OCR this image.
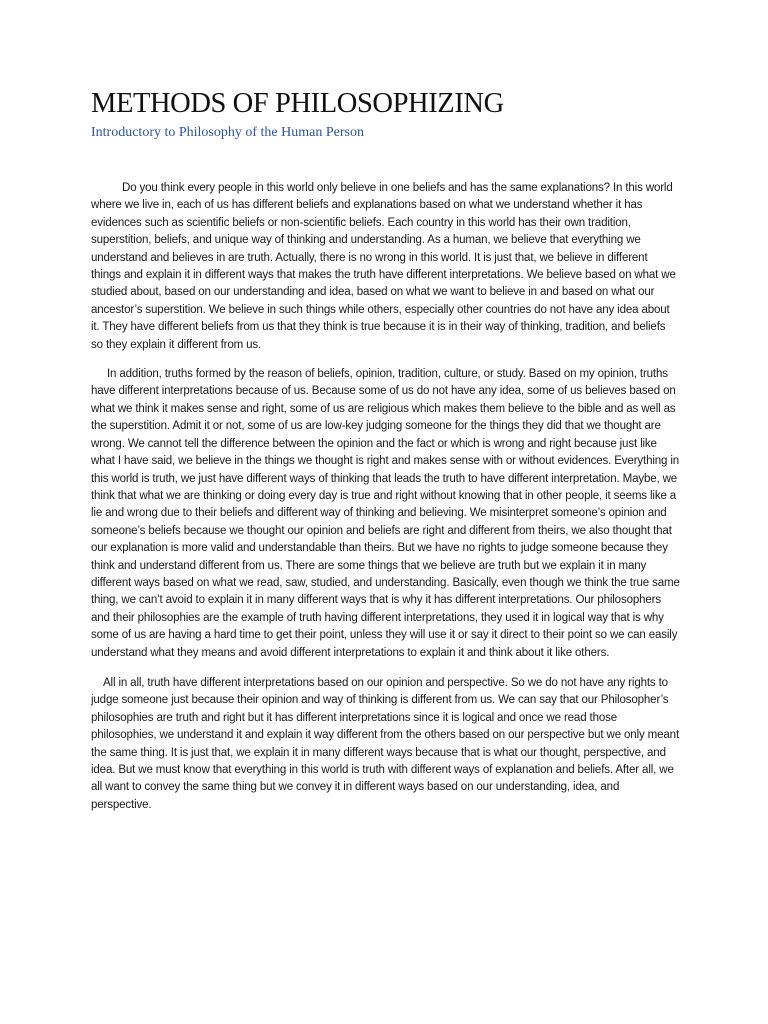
METHODS OF PHILOSOPHIZING
Introductory to Philosophy of the Human Person

Do you think every people in this world only believe in one beliefs and has the same explanations? In this world where we live in, each of us has different beliefs and explanations based on what we understand whether it has evidences such as scientific beliefs or non-scientific beliefs. Each country in this world has their own tradition, superstition, beliefs, and unique way of thinking and understanding. As a human, we believe that everything we understand and believes in are truth. Actually, there is no wrong in this world. It is just that, we believe in different things and explain it in different ways that makes the truth have different interpretations. We believe based on what we studied about, based on our understanding and idea, based on what we want to believe in and based on what our ancestor’s superstition. We believe in such things while others, especially other countries do not have any idea about it. They have different beliefs from us that they think is true because it is in their way of thinking, tradition, and beliefs so they explain it different from us.

In addition, truths formed by the reason of beliefs, opinion, tradition, culture, or study. Based on my opinion, truths have different interpretations because of us. Because some of us do not have any idea, some of us believes based on what we think it makes sense and right, some of us are religious which makes them believe to the bible and as well as the superstition. Admit it or not, some of us are low-key judging someone for the things they did that we thought are wrong. We cannot tell the difference between the opinion and the fact or which is wrong and right because just like what I have said, we believe in the things we thought is right and makes sense with or without evidences. Everything in this world is truth, we just have different ways of thinking that leads the truth to have different interpretation. Maybe, we think that what we are thinking or doing every day is true and right without knowing that in other people, it seems like a lie and wrong due to their beliefs and different way of thinking and believing. We misinterpret someone’s opinion and someone’s beliefs because we thought our opinion and beliefs are right and different from theirs, we also thought that our explanation is more valid and understandable than theirs. But we have no rights to judge someone because they think and understand different from us. There are some things that we believe are truth but we explain it in many different ways based on what we read, saw, studied, and understanding. Basically, even though we think the true same thing, we can’t avoid to explain it in many different ways that is why it has different interpretations. Our philosophers and their philosophies are the example of truth having different interpretations, they used it in logical way that is why some of us are having a hard time to get their point, unless they will use it or say it direct to their point so we can easily understand what they means and avoid different interpretations to explain it and think about it like others.

All in all, truth have different interpretations based on our opinion and perspective. So we do not have any rights to judge someone just because their opinion and way of thinking is different from us. We can say that our Philosopher’s philosophies are truth and right but it has different interpretations since it is logical and once we read those philosophies, we understand it and explain it way different from the others based on our perspective but we only meant the same thing. It is just that, we explain it in many different ways because that is what our thought, perspective, and idea. But we must know that everything in this world is truth with different ways of explanation and beliefs. After all, we all want to convey the same thing but we convey it in different ways based on our understanding, idea, and perspective.
